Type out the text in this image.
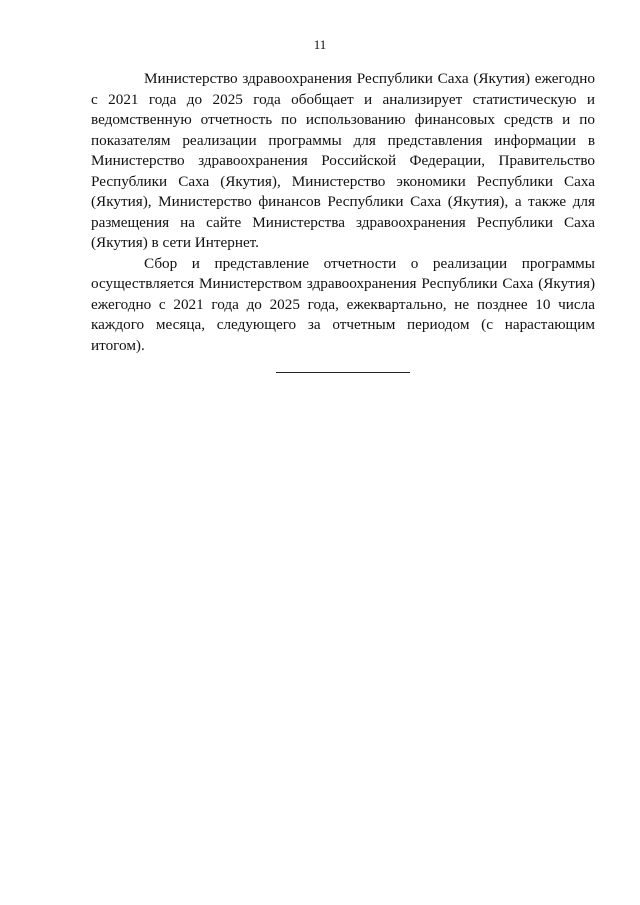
11

Министерство здравоохранения Республики Саха (Якутия) ежегодно с 2021 года до 2025 года обобщает и анализирует статистическую и ведомственную отчетность по использованию финансовых средств и по показателям реализации программы для представления информации в Министерство здравоохранения Российской Федерации, Правительство Республики Саха (Якутия), Министерство экономики Республики Саха (Якутия), Министерство финансов Республики Саха (Якутия), а также для размещения на сайте Министерства здравоохранения Республики Саха (Якутия) в сети Интернет.

Сбор и представление отчетности о реализации программы осуществляется Министерством здравоохранения Республики Саха (Якутия) ежегодно с 2021 года до 2025 года, ежеквартально, не позднее 10 числа каждого месяца, следующего за отчетным периодом (с нарастающим итогом).
